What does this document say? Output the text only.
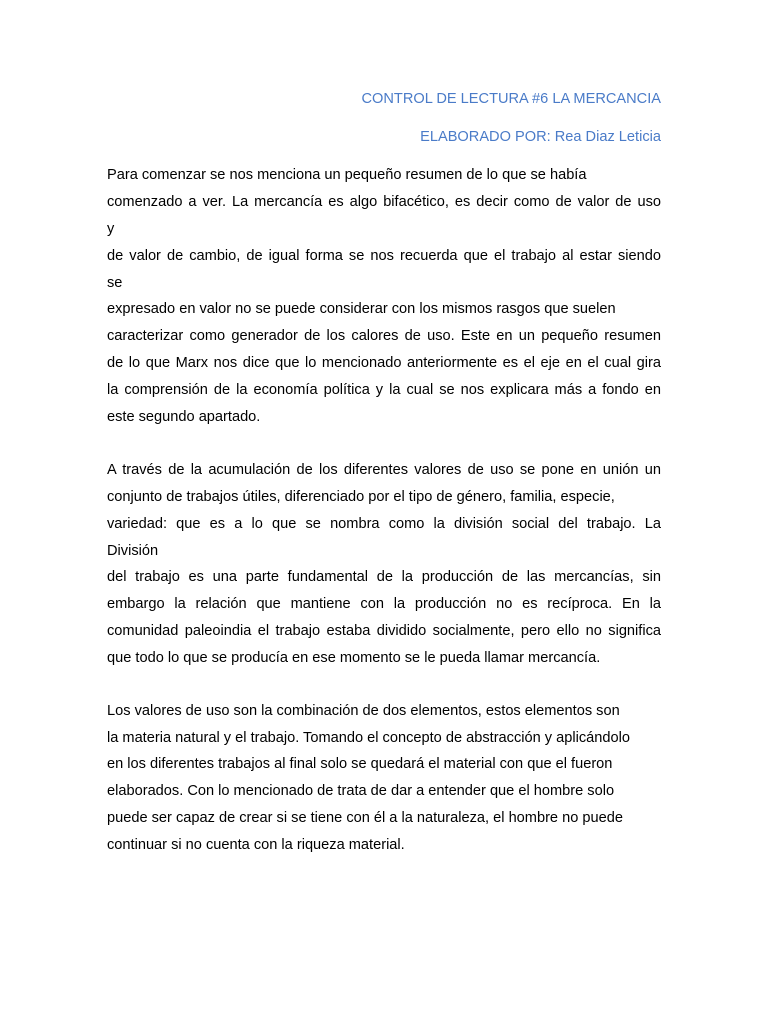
CONTROL DE LECTURA #6 LA MERCANCIA
ELABORADO POR: Rea Diaz Leticia
Para comenzar se nos menciona un pequeño resumen de lo que se había
comenzado a ver. La mercancía es algo bifacético, es decir como de valor de uso
y
de valor de cambio, de igual forma se nos recuerda que el trabajo al estar siendo
se
expresado en valor no se puede considerar con los mismos rasgos que suelen
caracterizar como generador de los calores de uso. Este en un pequeño resumen
de lo que Marx nos dice que lo mencionado anteriormente es el eje en el cual gira
la comprensión de la economía política y la cual se nos explicara más a fondo en
este segundo apartado.
A través de la acumulación de los diferentes valores de uso se pone en unión un
conjunto de trabajos útiles, diferenciado por el tipo de género, familia, especie,
variedad: que es a lo que se nombra como la división social del trabajo. La
División
del trabajo es una parte fundamental de la producción de las mercancías, sin
embargo la relación que mantiene con la producción no es recíproca. En la
comunidad paleoindia el trabajo estaba dividido socialmente, pero ello no significa
que todo lo que se producía en ese momento se le pueda llamar mercancía.
Los valores de uso son la combinación de dos elementos, estos elementos son
la materia natural y el trabajo. Tomando el concepto de abstracción y aplicándolo
en los diferentes trabajos al final solo se quedará el material con que el fueron
elaborados. Con lo mencionado de trata de dar a entender que el hombre solo
puede ser capaz de crear si se tiene con él a la naturaleza, el hombre no puede
continuar si no cuenta con la riqueza material.
